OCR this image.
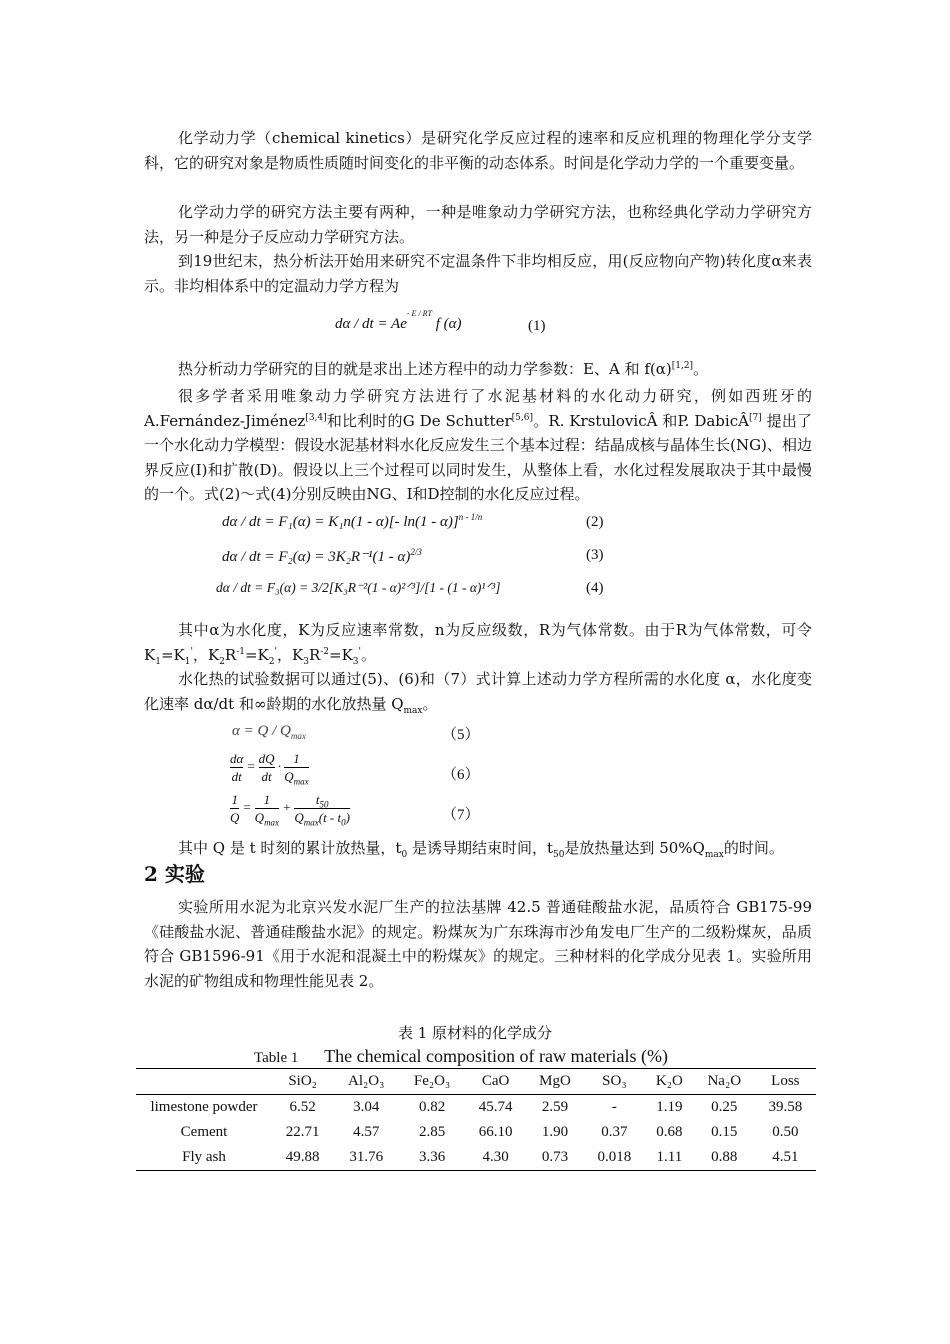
化学动力学（chemical kinetics）是研究化学反应过程的速率和反应机理的物理化学分支学科，它的研究对象是物质性质随时间变化的非平衡的动态体系。时间是化学动力学的一个重要变量。

化学动力学的研究方法主要有两种，一种是唯象动力学研究方法，也称经典化学动力学研究方法，另一种是分子反应动力学研究方法。

到19世纪末，热分析法开始用来研究不定温条件下非均相反应，用(反应物向产物)转化度α来表示。非均相体系中的定温动力学方程为

dα / dt = $Ae^{- E / RT}$ f (α)	(1)

热分析动力学研究的目的就是求出上述方程中的动力学参数：E、A 和 f(α)[1,2]。

很多学者采用唯象动力学研究方法进行了水泥基材料的水化动力研究，例如西班牙的A.Fernández-Jiménez[3,4]和比利时的G De Schutter[5,6]。R. KrstulovicÂ 和P. DabicÂ[7] 提出了一个水化动力学模型：假设水泥基材料水化反应发生三个基本过程：结晶成核与晶体生长(NG)、相边界反应(I)和扩散(D)。假设以上三个过程可以同时发生，从整体上看，水化过程发展取决于其中最慢的一个。式(2)～式(4)分别反映由NG、I和D控制的水化反应过程。

dα / dt = F₁(α) = K₁n(1 - α)[- ln(1 - α)]$^{n - 1/n}$	(2)
dα / dt = F₂(α) = 3K₂R⁻¹(1 - α)$^{2/3}$	(3)
dα / dt = F₃(α) = 3/2[K₃R⁻²(1 - α)²ᐟ³]/[1 - (1 - α)¹ᐟ³]	(4)

其中α为水化度，K为反应速率常数，n为反应级数，R为气体常数。由于R为气体常数，可令$K_1=K_1'$，$K_2R^{-1}=K_2'$，$K_3R^{-2}=K_3'$。

水化热的试验数据可以通过(5)、(6)和（7）式计算上述动力学方程所需的水化度 α，水化度变化速率 dα/dt 和∞龄期的水化放热量 $Q_{max}$。

$\alpha = Q / Q_{max}$	（5）
$\frac{d\alpha}{dt} = \frac{dQ}{dt} \cdot \frac{1}{Q_{max}}$	（6）
$\frac{1}{Q} = \frac{1}{Q_{max}} + \frac{t_{50}}{Q_{max}(t - t_0)}$	（7）

其中 Q 是 t 时刻的累计放热量，$t_0$ 是诱导期结束时间，$t_{50}$是放热量达到 $50\%Q_{max}$的时间。

2 实验

实验所用水泥为北京兴发水泥厂生产的拉法基牌 42.5 普通硅酸盐水泥，品质符合 GB175-99《硅酸盐水泥、普通硅酸盐水泥》的规定。粉煤灰为广东珠海市沙角发电厂生产的二级粉煤灰，品质符合 GB1596-91《用于水泥和混凝土中的粉煤灰》的规定。三种材料的化学成分见表 1。实验所用水泥的矿物组成和物理性能见表 2。

表 1 原材料的化学成分
Table 1 The chemical composition of raw materials (%)
	SiO₂	Al₂O₃	Fe₂O₃	CaO	MgO	SO₃	K₂O	Na₂O	Loss
limestone powder	6.52	3.04	0.82	45.74	2.59	-	1.19	0.25	39.58
Cement	22.71	4.57	2.85	66.10	1.90	0.37	0.68	0.15	0.50
Fly ash	49.88	31.76	3.36	4.30	0.73	0.018	1.11	0.88	4.51
